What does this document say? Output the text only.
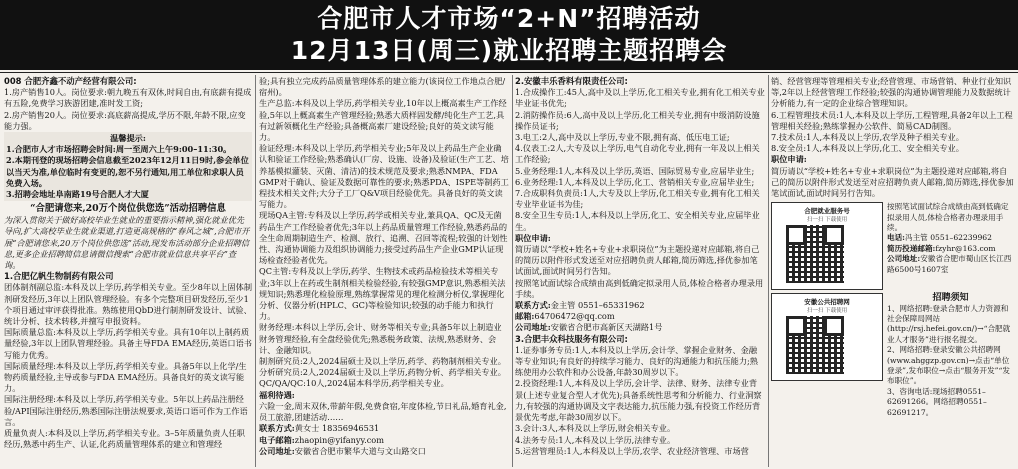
合肥市人才市场“2+N”招聘活动
12月13日(周三)就业招聘主题招聘会
008 合肥齐鑫不动产经营有限公司:
1.房产销售10人。岗位要求:朝九晚五有双休,时间自由,有底薪有提成有五险,免费学习族游团建,准时发工资;
2.房产销售20人。岗位要求:高底薪高提成,学历不限,年龄不限,应变能力强。
温馨提示:
1.合肥市人才市场招聘会时间:周一至周六上午9:00–11:30。
2.本期刊登的现场招聘会信息截至2023年12月11日9时,参会单位以当天为准,单位临时有变更的,恕不另行通知,用工单位和求职人员免费入场。
3.招聘会地址阜南路19号合肥人才大厦
“合肥请您来,20万个岗位供您选”活动招聘信息
为深入贯彻关于做好高校毕业生就业的重要指示精神,强化就业优先导向,扩大高校毕业生就业渠道,打造更高规格的“春风之城”,合肥市开展“合肥请您来,20万个岗位供您选”活动,现发布活动部分企业招聘信息,更多企业招聘简信息请微信搜索“合肥市就业信息共享平台”查询。
1.合肥亿帆生物制药有限公司
团体制剂副总监:本科及以上学历,药学相关专业。至少8年以上固体制剂研发经历,3年以上团队管理经验。有多个完整项目研发经历,至少1个项目通过审评获得批准。熟练使用QbD进行制剂研发设计、试验、统计分析、技术转移,并擅写申报资料。
国际质量总监:本科及以上学历,药学相关专业。具有10年以上制药质量经验,3年以上团队管理经验。具备主导FDA EMA经历,英语口语书写能力优秀。
国际质量经理:本科及以上学历,药学相关专业。具备5年以上化学/生物药质量经验,主导或参与FDA EMA经历。具备良好的英文读写能力。
国际注册经理:本科及以上学历,药学相关专业。5年以上药品注册经验/API国际注册经历,熟悉国际注册法规要求,英语口语可作为工作语言。
质量负责人:本科及以上学历,药学相关专业。3–5年质量负责人任职经历,熟悉中药生产、认证,化药质量管理体系的建立和管理经
验;具有独立完成药品质量管理体系的建立能力(该岗位工作地点合肥/宿州)。
生产总监:本科及以上学历,药学相关专业,10年以上概高素生产工作经验,5年以上概高素生产管理经验;熟悉大质样固发酵/纯化生产工艺,具有过新领概化生产经验;具备概高素厂建设经验;良好的英文读写能力。
验证经理:本科及以上学历,药学相关专业;5年及以上药品生产企业确认和验证工作经验;熟悉确认(厂房、设施、设备)及验证(生产工艺、培养基模拟灌装、灭菌、清洁)的技术规范及要求;熟悉NMPA、FDA GMP对于确认、验证及数据可靠性的要求;熟悉PDA、ISPE等制药工程技术相关文件;大分子工厂Q&V项目经验优先。具备良好的英文读写能力。
现场QA主管:专科及以上学历,药学或相关专业,兼具QA、QC及无菌药品生产工作经验者优先;3年以上药品质量管理工作经验,熟悉药品的全生命周期制造生产、检测、放行、追溯、召回等流程;较强的计划性性、沟通协调能力及组织协调能力;接受过药品生产企业GMP认证现场检查经验者优先。
QC主管:专科及以上学历,药学、生物技术或药品检验技术等相关专业;3年以上在药或生制剂相关检验经验,有较强GMP意识,熟悉相关法规知识;熟悉理化检验原理,熟练掌握常见的理化检测分析仪,掌握理化分析、仪器分析(HPLC、GC)等检验知识;较强的动手能力和执行力。
财务经理:本科以上学历,会计、财务等相关专业;具备5年以上制造业财务管理经验,有全盘经验优先;熟悉税务政策、法规,熟悉财务、会计、金融知识。
制剂研究员:2人,2024届硕士及以上学历,药学、药物制剂相关专业。
分析研究员:2人,2024届硕士及以上学历,药物分析、药学相关专业。
QC/QA/QC:10人,2024届本科学历,药学相关专业。
福利待遇:
六险一金,周末双休,带薪年假,免费食宿,年度体检,节日礼品,婚育礼金,员工旅游,团建活动……
联系方式:黄女士 18356946531
电子邮箱:zhaopin@yifanyy.com
公司地址:安徽省合肥市繁华大道与文山路交口
2.安徽丰乐香料有限责任公司:
1.合成操作工:45人,高中及以上学历,化工相关专业,拥有化工相关专业毕业证书优先;
2.消防操作员:6人,高中及以上学历,化工相关专业,拥有中级消防设施操作员证书;
3.电工:2人,高中及以上学历,专业不限,拥有高、低压电工证;
4.仪表工:2人,大专及以上学历,电气自动化专业,拥有一年及以上相关工作经验;
5.业务经理:1人,本科及以上学历,英语、国际贸易专业,应届毕业生;
6.业务经理:1人,本科及以上学历,化工、营销相关专业,应届毕业生;
7.合成职科负责员:1人,大专及以上学历,化工相关专业,拥有化工相关专业毕业证书为佳;
8.安全卫生专员:1人,本科及以上学历,化工、安全相关专业,应届毕业生。
职位申请:
简历请以“学校+姓名+专业+求职岗位”为主题投递对应邮箱,将自己的简历以附件形式发送至对应招聘负责人邮箱,简历筛选,择优参加笔试面试,面试时间另行告知。
按照笔试面试综合成绩由高到低确定拟录用人员,体检合格者办理录用手续。
联系方式:金主管 0551–65331962
邮箱:64706472@qq.com
公司地址:安徽省合肥市高新区天湖路1号
3.合肥丰众科技服务有限公司:
1.证券事务专员:1人,本科及以上学历,会计学、掌握企业财务、金融等专业知识;有良好的持续学习能力、良好的沟通能力和抗压能力;熟练使用办公软件和办公设备,年龄30周岁以下。
2.投资经理:1人,本科及以上学历,会计学、法律、财务、法律专业背景(上述专业复合型人才优先);具备系统性思考和分析能力、行业洞察力,有较强的沟通协调及文字表达能力,抗压能力强,有投资工作经历背景优先考虑,年龄30周岁以下。
3.会计:3人,本科及以上学历,财会相关专业。
4.法务专员:1人,本科及以上学历,法律专业。
5.运营管理员:1人,本科及以上学历,农学、农业经济管理、市场营
销、经营管理等管理相关专业;经营管理、市场营销、种业行业知识等,2年以上经营管理工作经验;较强的沟通协调管理能力及数据统计分析能力,有一定的企业综合管理知识。
6.工程管理技术员:1人,本科及以上学历,工程管理,具备2年以上工程管理相关经验;熟练掌握办公软件、简易CAD制图。
7.技术员:1人,本科及以上学历,农学及种子相关专业。
8.安全员:1人,本科及以上学历,化工、安全相关专业。
职位申请:
简历请以“学校+姓名+专业+求职岗位”为主题投递对应邮箱,将自己的简历以附件形式发送至对应招聘负责人邮箱,简历筛选,择优参加笔试面试,面试时间另行告知。
合肥就业服务号
扫一扫 下载使用
按照笔试面试综合成绩由高到低确定拟录用人员,体检合格者办理录用手续。
电话:冯主管 0551–62239962
简历投递邮箱:fzyhr@163.com
公司地址:安徽省合肥市蜀山区长江西路6500号1607室
安徽公共招聘网
扫一扫 下载使用
招聘须知
1、网络招聘:登录合肥市人力资源和社会保障局网站(http://rsj.hefei.gov.cn/)→“合肥就业人才服务”进行报名提交。
2、网络招聘:登录安徽公共招聘网(www.ahggzp.gov.cn)→点击“单位登录”,发布职位→点击“服务开发”“发布职位”。
3、咨询电话:现场招聘0551–62691266。网络招聘0551–62691217。
